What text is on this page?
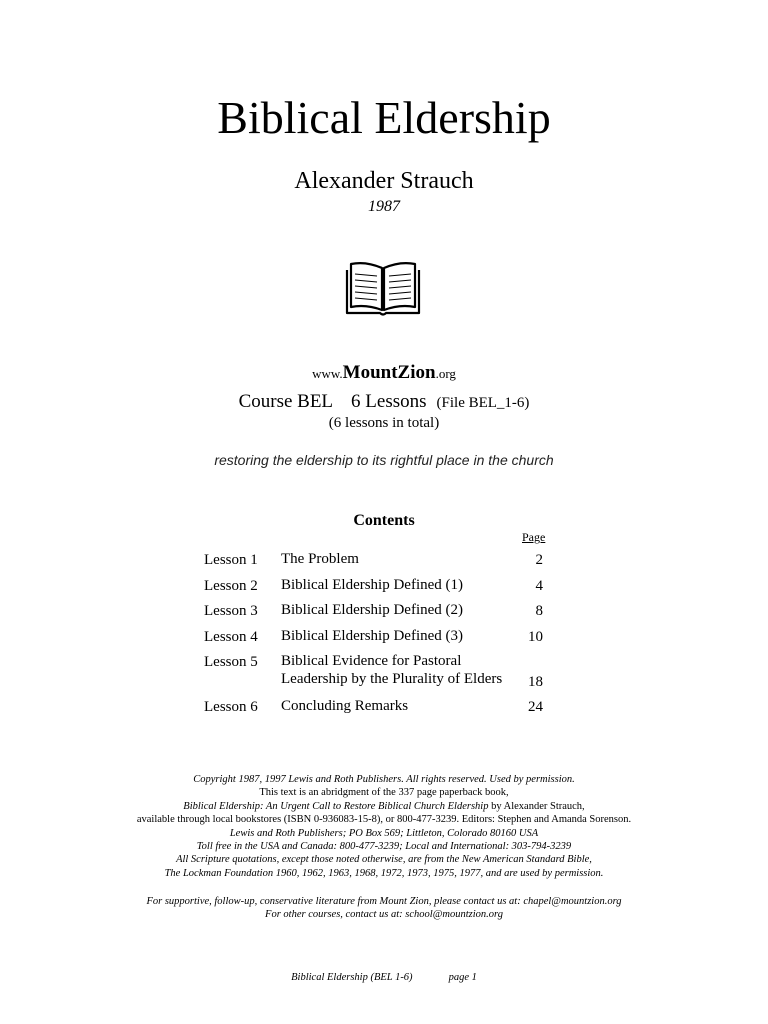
Biblical Eldership
Alexander Strauch
1987
www.MountZion.org
Course BEL 6 Lessons (File BEL_1-6)
(6 lessons in total)
restoring the eldership to its rightful place in the church
Contents
Page
Lesson 1	The Problem	2
Lesson 2	Biblical Eldership Defined (1)	4
Lesson 3	Biblical Eldership Defined (2)	8
Lesson 4	Biblical Eldership Defined (3)	10
Lesson 5	Biblical Evidence for Pastoral Leadership by the Plurality of Elders	18
Lesson 6	Concluding Remarks	24
Copyright 1987, 1997 Lewis and Roth Publishers. All rights reserved. Used by permission.
This text is an abridgment of the 337 page paperback book,
Biblical Eldership: An Urgent Call to Restore Biblical Church Eldership by Alexander Strauch,
available through local bookstores (ISBN 0-936083-15-8), or 800-477-3239. Editors: Stephen and Amanda Sorenson.
Lewis and Roth Publishers; PO Box 569; Littleton, Colorado 80160 USA
Toll free in the USA and Canada: 800-477-3239; Local and International: 303-794-3239
All Scripture quotations, except those noted otherwise, are from the New American Standard Bible,
The Lockman Foundation 1960, 1962, 1963, 1968, 1972, 1973, 1975, 1977, and are used by permission.
For supportive, follow-up, conservative literature from Mount Zion, please contact us at: chapel@mountzion.org
For other courses, contact us at: school@mountzion.org
Biblical Eldership (BEL 1-6)	page 1
